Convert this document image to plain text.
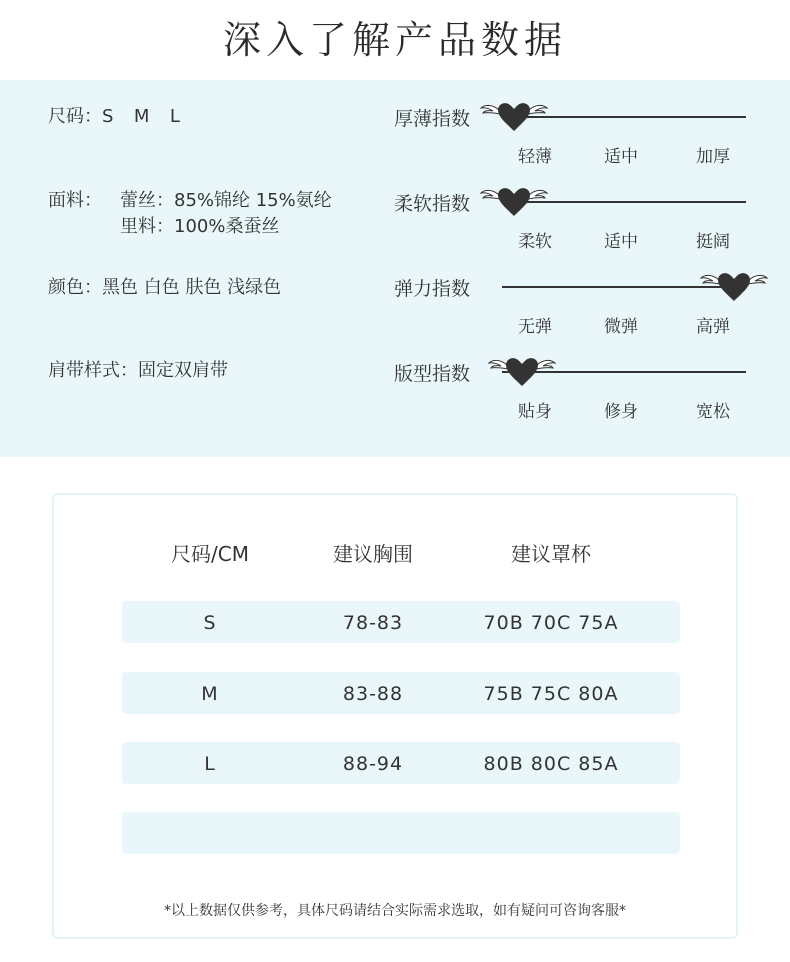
深入了解产品数据
尺码：S  M  L
面料： 蕾丝：85%锦纶 15%氨纶
里料：100%桑蚕丝
颜色：黑色 白色 肤色 浅绿色
肩带样式：固定双肩带
厚薄指数
轻薄	适中	加厚
柔软指数
柔软	适中	挺阔
弹力指数
无弹	微弹	高弹
版型指数
贴身	修身	宽松
尺码/CM	建议胸围	建议罩杯
S	78-83	70B 70C 75A
M	83-88	75B 75C 80A
L	88-94	80B 80C 85A
*以上数据仅供参考，具体尺码请结合实际需求选取，如有疑问可咨询客服*
